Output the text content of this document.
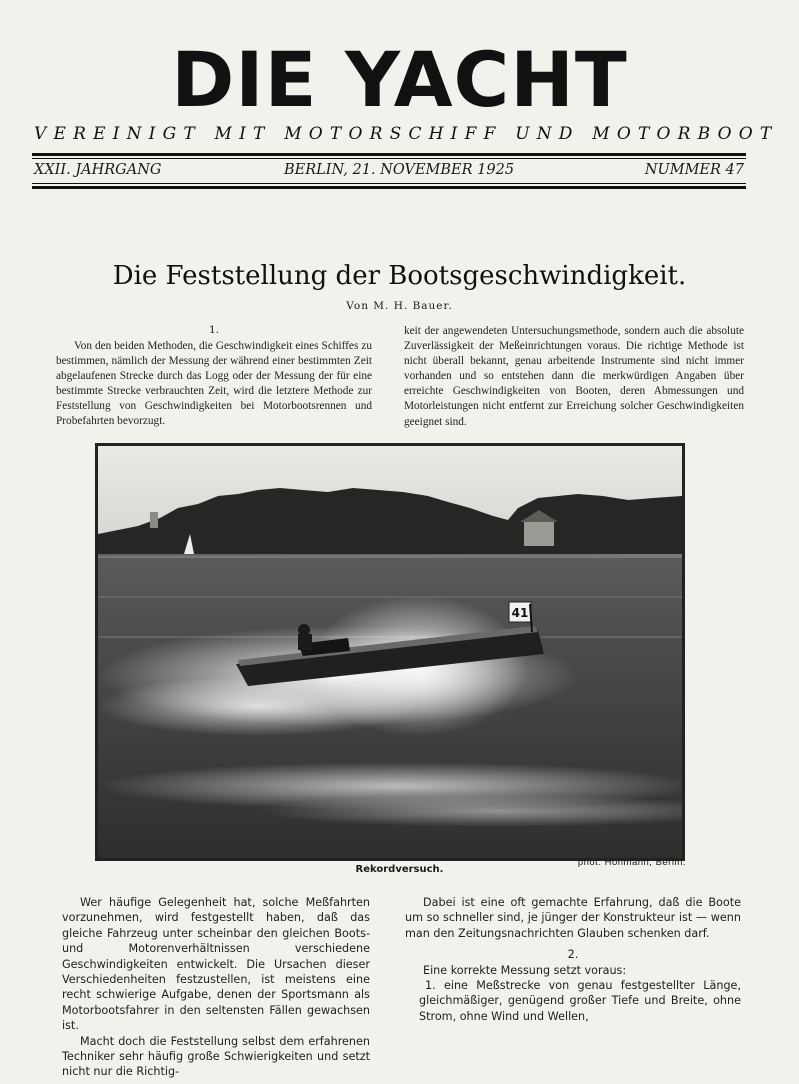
DIE YACHT
VEREINIGT MIT MOTORSCHIFF UND MOTORBOOT
XXII. JAHRGANG	BERLIN, 21. NOVEMBER 1925	NUMMER 47
Die Feststellung der Bootsgeschwindigkeit.
Von M. H. Bauer.
1.

Von den beiden Methoden, die Geschwindigkeit eines Schiffes zu bestimmen, nämlich der Messung der während einer bestimmten Zeit abgelaufenen Strecke durch das Logg oder der Messung der für eine bestimmte Strecke verbrauchten Zeit, wird die letztere Methode zur Feststellung von Geschwindigkeiten bei Motorbootsrennen und Probefahrten bevorzugt.

keit der angewendeten Untersuchungsmethode, sondern auch die absolute Zuverlässigkeit der Meßeinrichtungen voraus. Die richtige Methode ist nicht überall bekannt, genau arbeitende Instrumente sind nicht immer vorhanden und so entstehen dann die merkwürdigen Angaben über erreichte Geschwindigkeiten von Booten, deren Abmessungen und Motorleistungen nicht entfernt zur Erreichung solcher Geschwindigkeiten geeignet sind.

41
phot. Hohmann, Berlin.
Rekordversuch.

Wer häufige Gelegenheit hat, solche Meßfahrten vorzunehmen, wird festgestellt haben, daß das gleiche Fahrzeug unter scheinbar den gleichen Boots- und Motorenverhältnissen verschiedene Geschwindigkeiten entwickelt. Die Ursachen dieser Verschiedenheiten festzustellen, ist meistens eine recht schwierige Aufgabe, denen der Sportsmann als Motorbootsfahrer in den seltensten Fällen gewachsen ist.

Macht doch die Feststellung selbst dem erfahrenen Techniker sehr häufig große Schwierigkeiten und setzt nicht nur die Richtig-

Dabei ist eine oft gemachte Erfahrung, daß die Boote um so schneller sind, je jünger der Konstrukteur ist — wenn man den Zeitungsnachrichten Glauben schenken darf.

2.

Eine korrekte Messung setzt voraus:

1. eine Meßstrecke von genau festgestellter Länge, gleichmäßiger, genügend großer Tiefe und Breite, ohne Strom, ohne Wind und Wellen,
